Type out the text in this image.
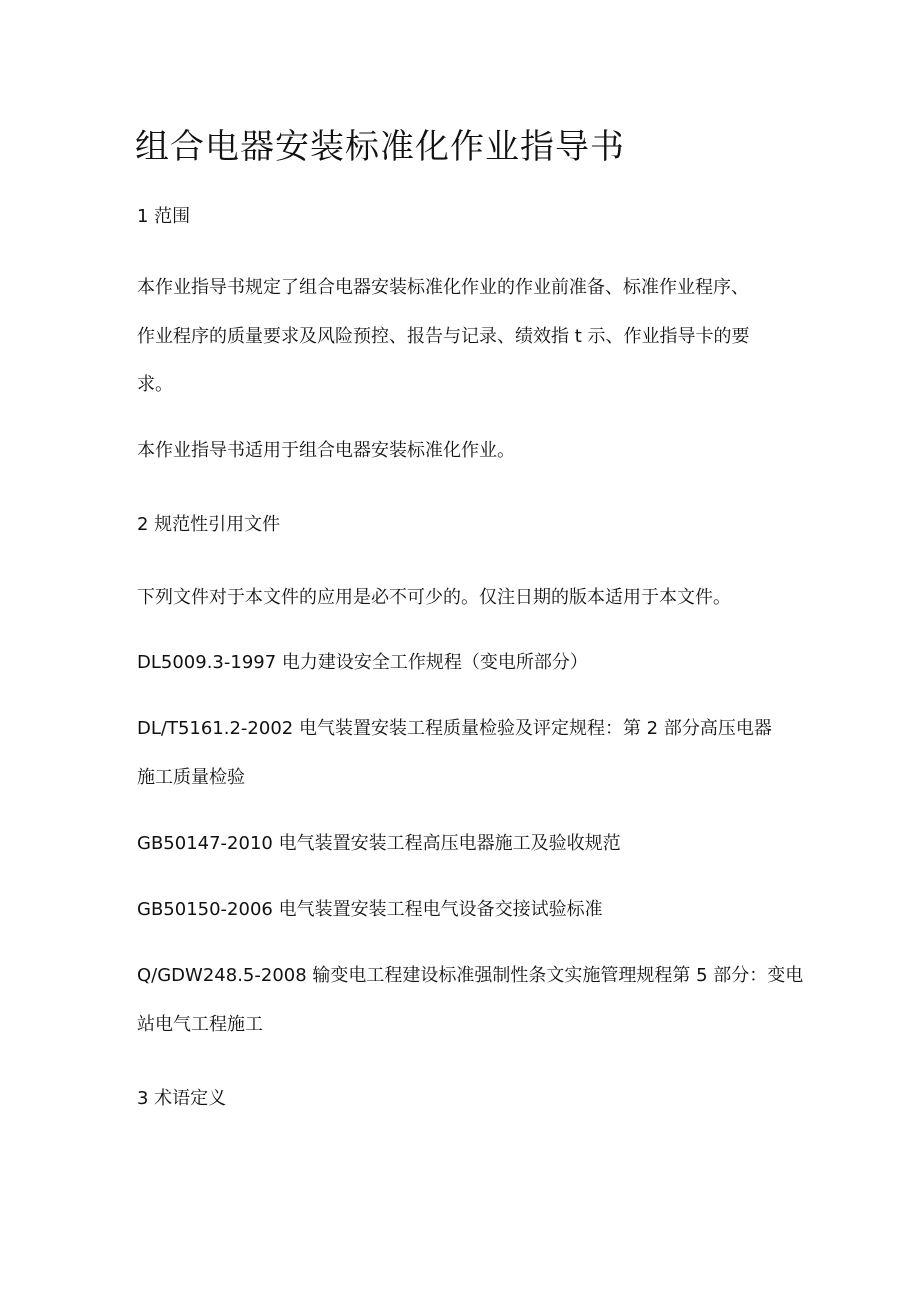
组合电器安装标准化作业指导书
1 范围
本作业指导书规定了组合电器安装标准化作业的作业前准备、标准作业程序、
作业程序的质量要求及风险预控、报告与记录、绩效指 t 示、作业指导卡的要
求。
本作业指导书适用于组合电器安装标准化作业。
2 规范性引用文件
下列文件对于本文件的应用是必不可少的。仅注日期的版本适用于本文件。
DL5009.3-1997 电力建设安全工作规程（变电所部分）
DL/T5161.2-2002 电气装置安装工程质量检验及评定规程：第 2 部分高压电器
施工质量检验
GB50147-2010 电气装置安装工程高压电器施工及验收规范
GB50150-2006 电气装置安装工程电气设备交接试验标准
Q/GDW248.5-2008 输变电工程建设标准强制性条文实施管理规程第 5 部分：变电
站电气工程施工
3 术语定义
